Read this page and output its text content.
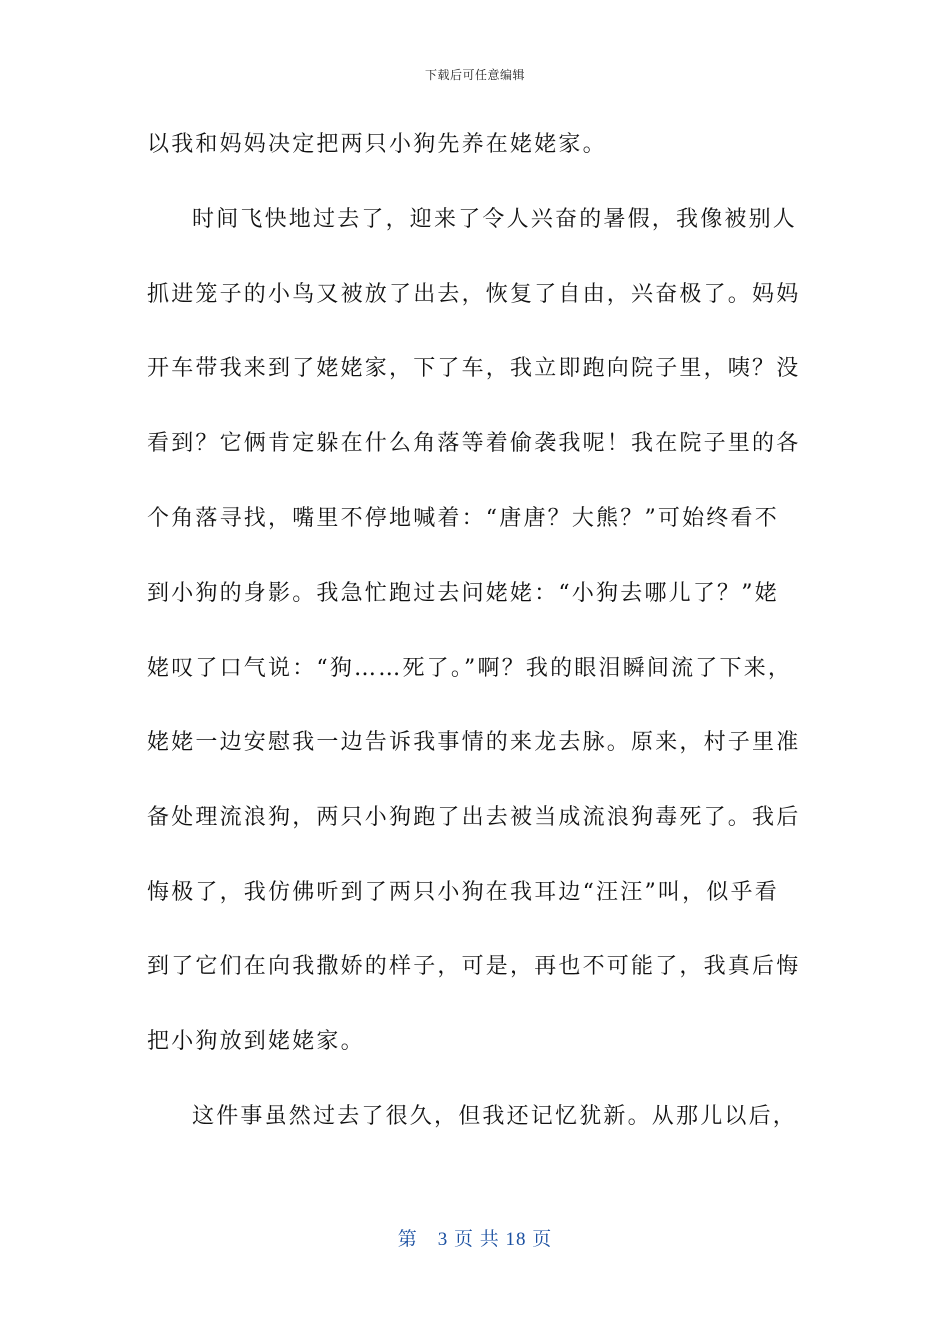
下载后可任意编辑
以我和妈妈决定把两只小狗先养在姥姥家。
时间飞快地过去了，迎来了令人兴奋的暑假，我像被别人
抓进笼子的小鸟又被放了出去，恢复了自由，兴奋极了。妈妈
开车带我来到了姥姥家，下了车，我立即跑向院子里，咦？没
看到？它俩肯定躲在什么角落等着偷袭我呢！我在院子里的各
个角落寻找，嘴里不停地喊着：“唐唐？大熊？”可始终看不
到小狗的身影。我急忙跑过去问姥姥：“小狗去哪儿了？”姥
姥叹了口气说：“狗……死了。”啊？我的眼泪瞬间流了下来，
姥姥一边安慰我一边告诉我事情的来龙去脉。原来，村子里准
备处理流浪狗，两只小狗跑了出去被当成流浪狗毒死了。我后
悔极了，我仿佛听到了两只小狗在我耳边“汪汪”叫，似乎看
到了它们在向我撒娇的样子，可是，再也不可能了，我真后悔
把小狗放到姥姥家。
这件事虽然过去了很久，但我还记忆犹新。从那儿以后，
第　3 页 共 18 页
